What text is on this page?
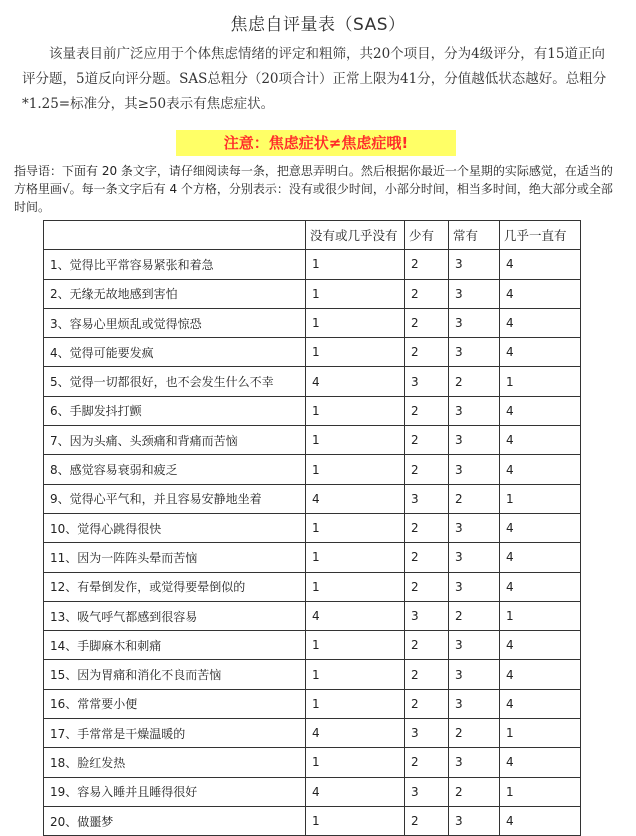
焦虑自评量表（SAS）
该量表目前广泛应用于个体焦虑情绪的评定和粗筛，共20个项目，分为4级评分，有15道正向评分题，5道反向评分题。SAS总粗分（20项合计）正常上限为41分，分值越低状态越好。总粗分*1.25=标准分，其≥50表示有焦虑症状。
注意：焦虑症状≠焦虑症哦!
指导语：下面有 20 条文字，请仔细阅读每一条，把意思弄明白。然后根据你最近一个星期的实际感觉，在适当的方格里画√。每一条文字后有 4 个方格，分别表示：没有或很少时间，小部分时间，相当多时间，绝大部分或全部时间。
	没有或几乎没有	少有	常有	几乎一直有
1、觉得比平常容易紧张和着急	1	2	3	4
2、无缘无故地感到害怕	1	2	3	4
3、容易心里烦乱或觉得惊恐	1	2	3	4
4、觉得可能要发疯	1	2	3	4
5、觉得一切都很好，也不会发生什么不幸	4	3	2	1
6、手脚发抖打颤	1	2	3	4
7、因为头痛、头颈痛和背痛而苦恼	1	2	3	4
8、感觉容易衰弱和疲乏	1	2	3	4
9、觉得心平气和，并且容易安静地坐着	4	3	2	1
10、觉得心跳得很快	1	2	3	4
11、因为一阵阵头晕而苦恼	1	2	3	4
12、有晕倒发作，或觉得要晕倒似的	1	2	3	4
13、吸气呼气都感到很容易	4	3	2	1
14、手脚麻木和刺痛	1	2	3	4
15、因为胃痛和消化不良而苦恼	1	2	3	4
16、常常要小便	1	2	3	4
17、手常常是干燥温暖的	4	3	2	1
18、脸红发热	1	2	3	4
19、容易入睡并且睡得很好	4	3	2	1
20、做噩梦	1	2	3	4
